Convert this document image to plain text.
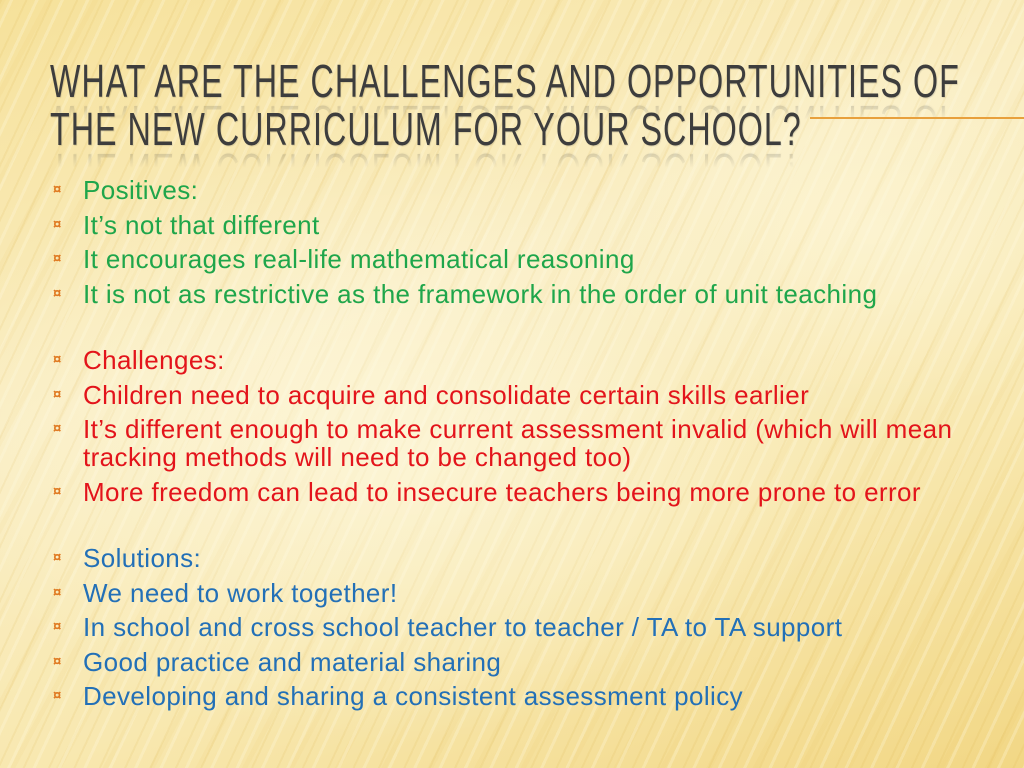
WHAT ARE THE CHALLENGES AND OPPORTUNITIES OF
THE NEW CURRICULUM FOR YOUR SCHOOL?
¤
Positives:
¤
It’s not that different
¤
It encourages real-life mathematical reasoning
¤
It is not as restrictive as the framework in the order of unit teaching
¤
Challenges:
¤
Children need to acquire and consolidate certain skills earlier
¤
It’s different enough to make current assessment invalid (which will mean
tracking methods will need to be changed too)
¤
More freedom can lead to insecure teachers being more prone to error
¤
Solutions:
¤
We need to work together!
¤
In school and cross school teacher to teacher / TA to TA support
¤
Good practice and material sharing
¤
Developing and sharing a consistent assessment policy
